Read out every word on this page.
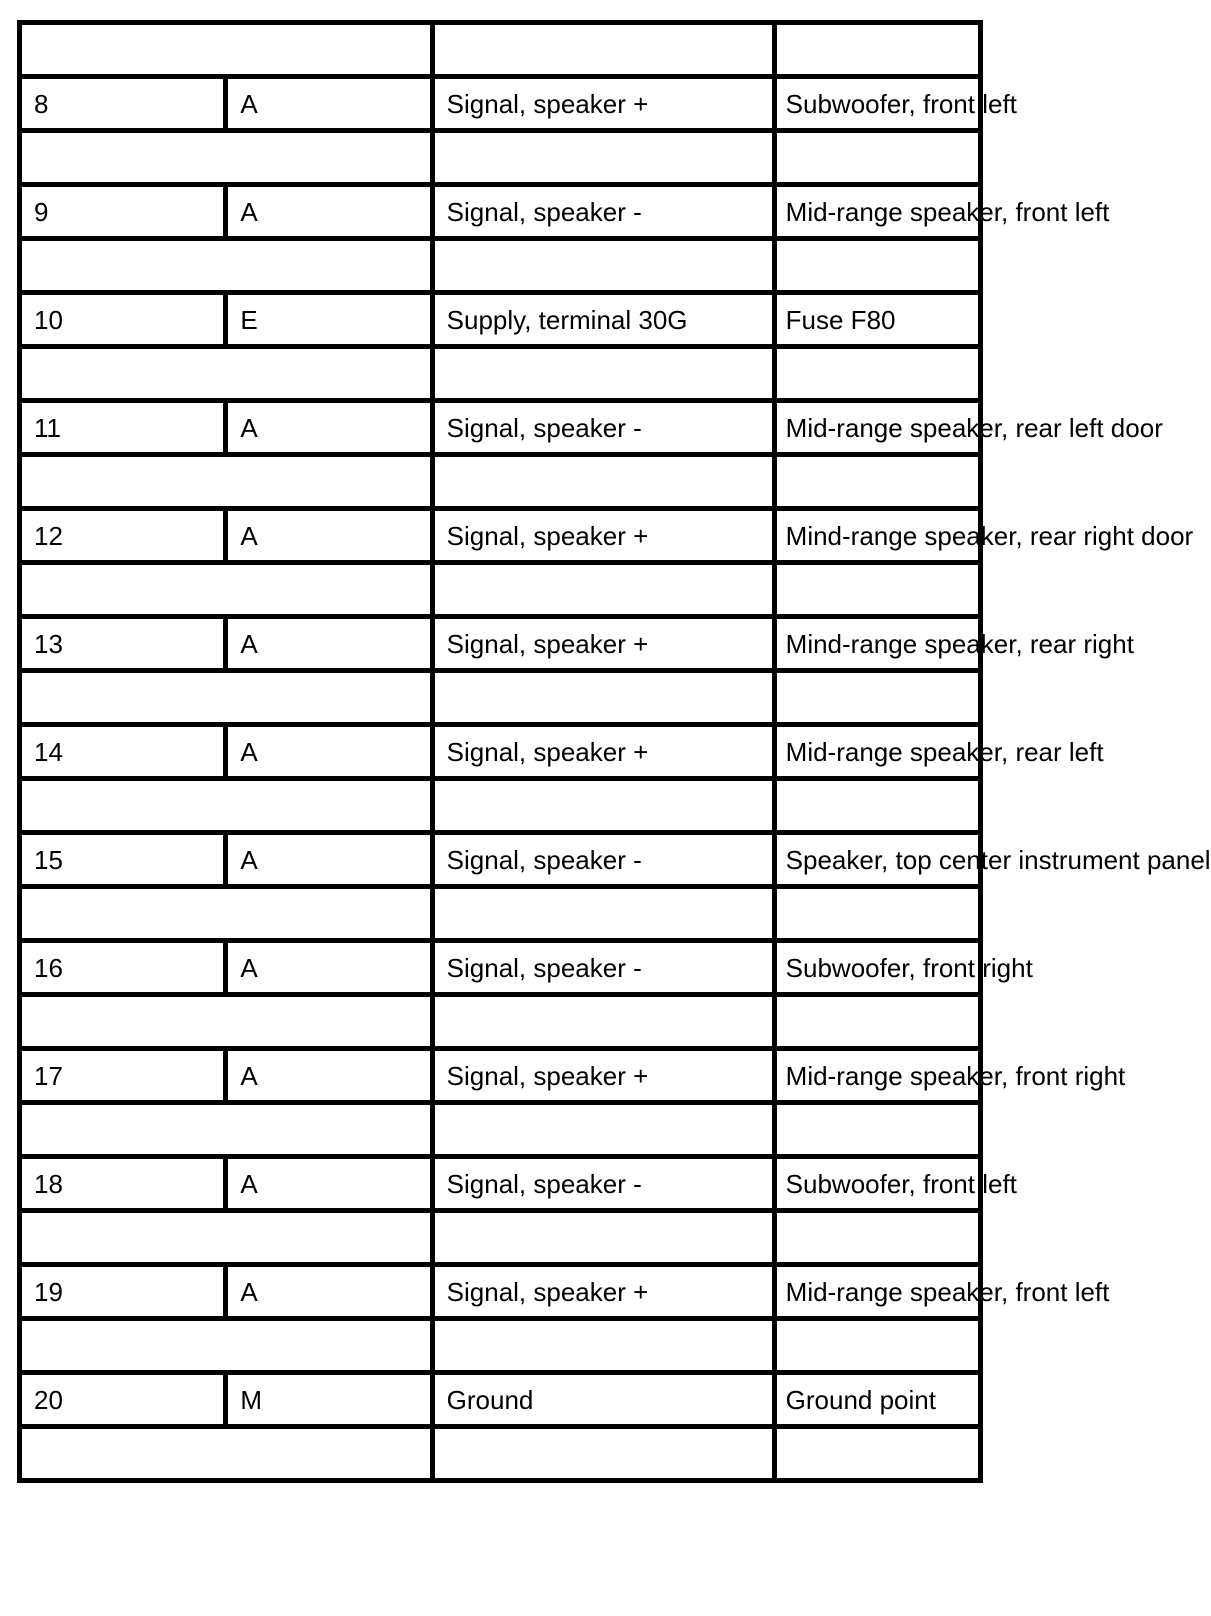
8	A	Signal, speaker +	Subwoofer, front left

9	A	Signal, speaker -	Mid-range speaker, front left

10	E	Supply, terminal 30G	Fuse F80

11	A	Signal, speaker -	Mid-range speaker, rear left door

12	A	Signal, speaker +	Mind-range speaker, rear right door

13	A	Signal, speaker +	Mind-range speaker, rear right

14	A	Signal, speaker +	Mid-range speaker, rear left

15	A	Signal, speaker -	Speaker, top center instrument panel

16	A	Signal, speaker -	Subwoofer, front right

17	A	Signal, speaker +	Mid-range speaker, front right

18	A	Signal, speaker -	Subwoofer, front left

19	A	Signal, speaker +	Mid-range speaker, front left

20	M	Ground	Ground point
